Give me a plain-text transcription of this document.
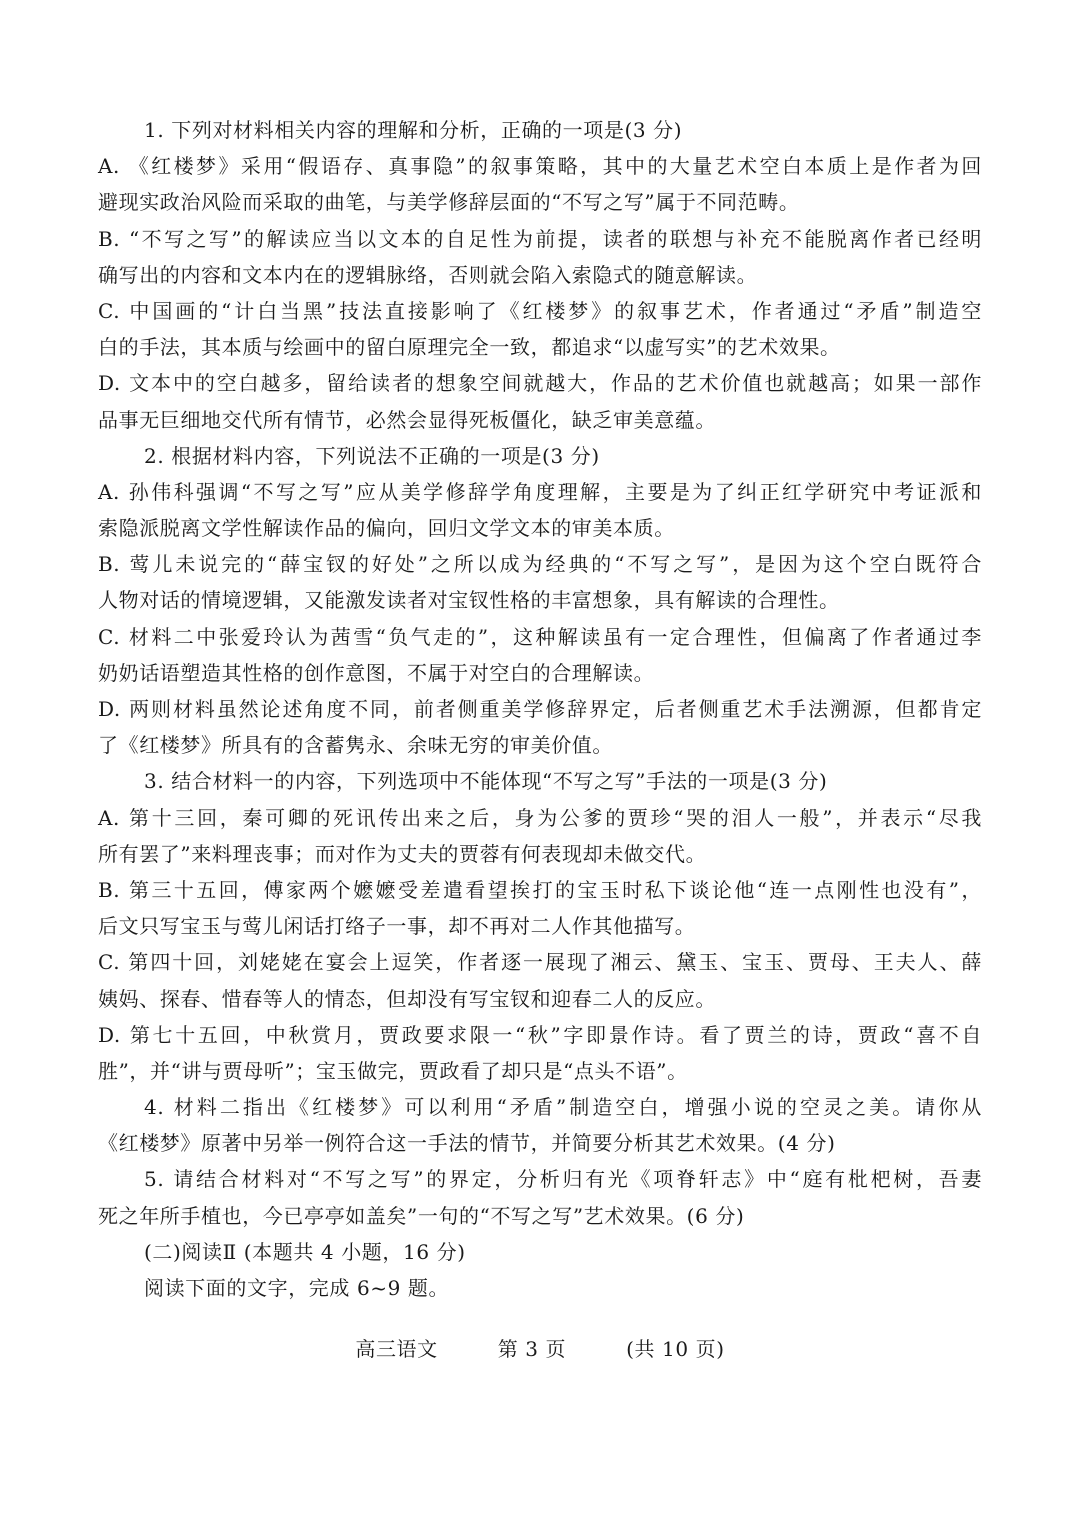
1. 下列对材料相关内容的理解和分析，正确的一项是(3 分)
A. 《红楼梦》采用“假语存、真事隐”的叙事策略，其中的大量艺术空白本质上是作者为回
避现实政治风险而采取的曲笔，与美学修辞层面的“不写之写”属于不同范畴。
B. “不写之写”的解读应当以文本的自足性为前提，读者的联想与补充不能脱离作者已经明
确写出的内容和文本内在的逻辑脉络，否则就会陷入索隐式的随意解读。
C. 中国画的“计白当黑”技法直接影响了《红楼梦》的叙事艺术，作者通过“矛盾”制造空
白的手法，其本质与绘画中的留白原理完全一致，都追求“以虚写实”的艺术效果。
D. 文本中的空白越多，留给读者的想象空间就越大，作品的艺术价值也就越高；如果一部作
品事无巨细地交代所有情节，必然会显得死板僵化，缺乏审美意蕴。
2. 根据材料内容，下列说法不正确的一项是(3 分)
A. 孙伟科强调“不写之写”应从美学修辞学角度理解，主要是为了纠正红学研究中考证派和
索隐派脱离文学性解读作品的偏向，回归文学文本的审美本质。
B. 莺儿未说完的“薛宝钗的好处”之所以成为经典的“不写之写”，是因为这个空白既符合
人物对话的情境逻辑，又能激发读者对宝钗性格的丰富想象，具有解读的合理性。
C. 材料二中张爱玲认为茜雪“负气走的”，这种解读虽有一定合理性，但偏离了作者通过李
奶奶话语塑造其性格的创作意图，不属于对空白的合理解读。
D. 两则材料虽然论述角度不同，前者侧重美学修辞界定，后者侧重艺术手法溯源，但都肯定
了《红楼梦》所具有的含蓄隽永、余味无穷的审美价值。
3. 结合材料一的内容，下列选项中不能体现“不写之写”手法的一项是(3 分)
A. 第十三回，秦可卿的死讯传出来之后，身为公爹的贾珍“哭的泪人一般”，并表示“尽我
所有罢了”来料理丧事；而对作为丈夫的贾蓉有何表现却未做交代。
B. 第三十五回，傅家两个嬷嬷受差遣看望挨打的宝玉时私下谈论他“连一点刚性也没有”，
后文只写宝玉与莺儿闲话打络子一事，却不再对二人作其他描写。
C. 第四十回，刘姥姥在宴会上逗笑，作者逐一展现了湘云、黛玉、宝玉、贾母、王夫人、薛
姨妈、探春、惜春等人的情态，但却没有写宝钗和迎春二人的反应。
D. 第七十五回，中秋赏月，贾政要求限一“秋”字即景作诗。看了贾兰的诗，贾政“喜不自
胜”，并“讲与贾母听”；宝玉做完，贾政看了却只是“点头不语”。
4. 材料二指出《红楼梦》可以利用“矛盾”制造空白，增强小说的空灵之美。请你从
《红楼梦》原著中另举一例符合这一手法的情节，并简要分析其艺术效果。(4 分)
5. 请结合材料对“不写之写”的界定，分析归有光《项脊轩志》中“庭有枇杷树，吾妻
死之年所手植也，今已亭亭如盖矣”一句的“不写之写”艺术效果。(6 分)
(二)阅读Ⅱ (本题共 4 小题，16 分)
阅读下面的文字，完成 6~9 题。
高三语文	第 3 页	(共 10 页)
